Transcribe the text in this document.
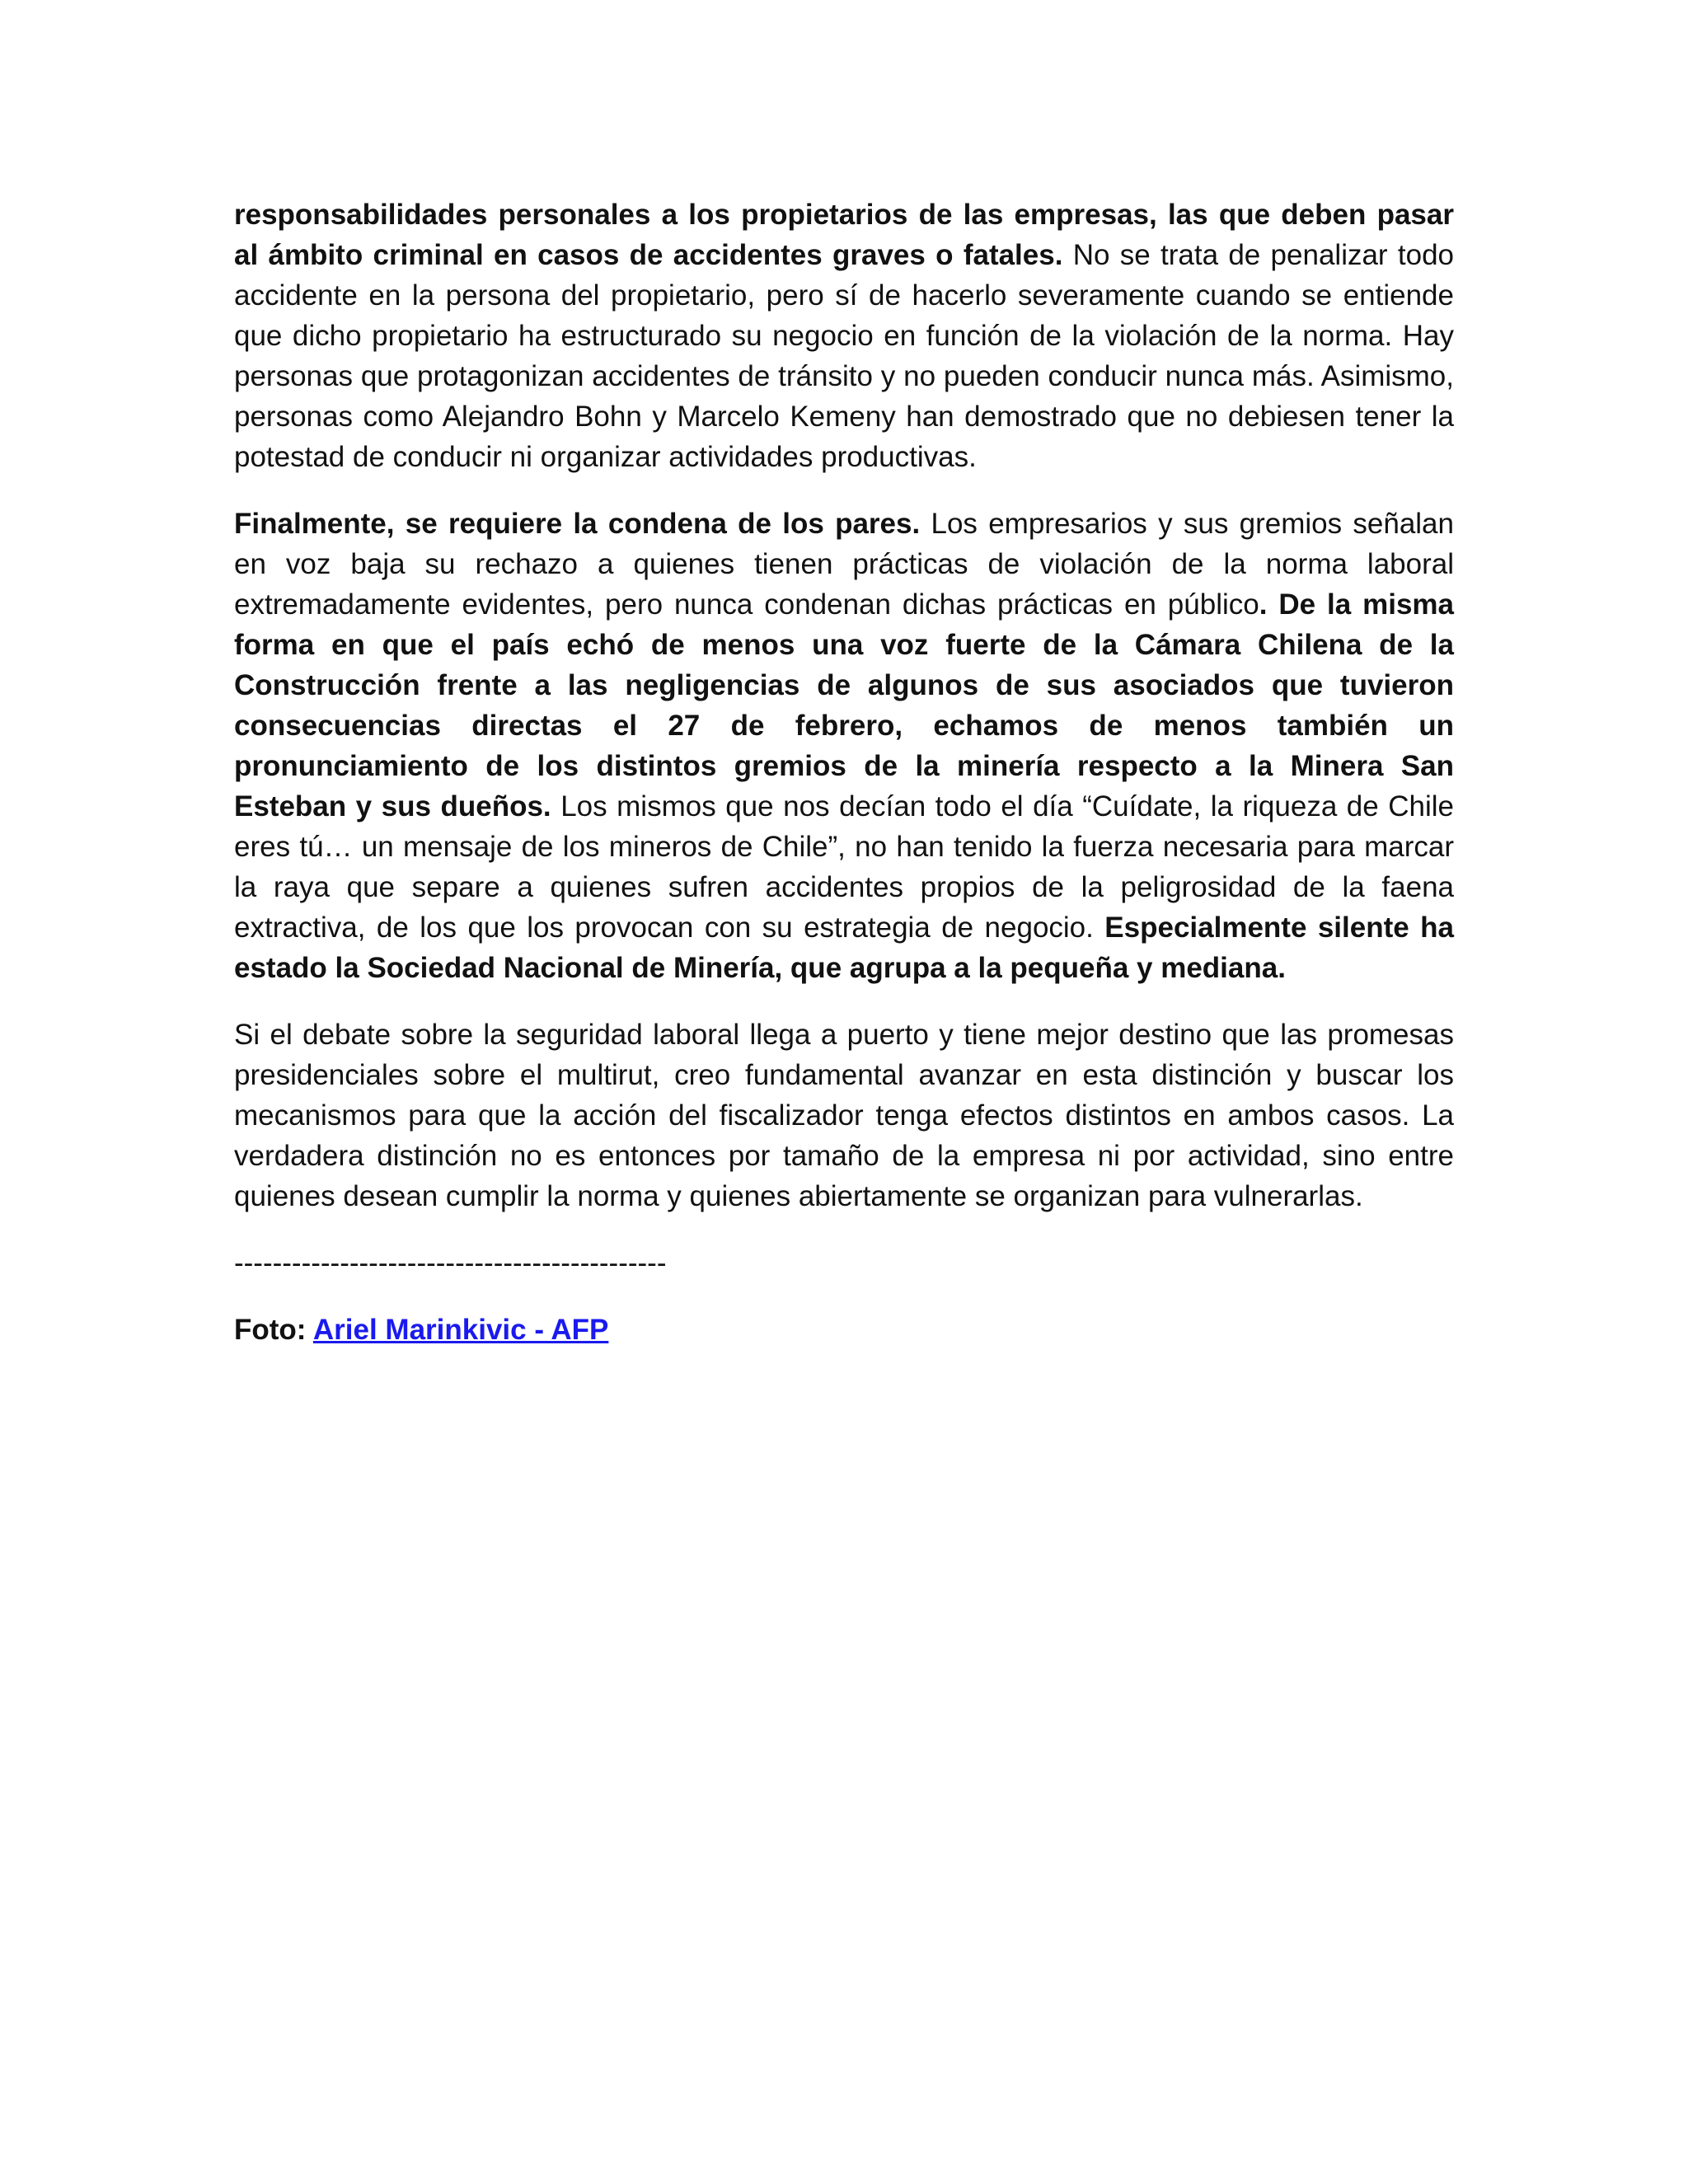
responsabilidades personales a los propietarios de las empresas, las que deben pasar al ámbito criminal en casos de accidentes graves o fatales. No se trata de penalizar todo accidente en la persona del propietario, pero sí de hacerlo severamente cuando se entiende que dicho propietario ha estructurado su negocio en función de la violación de la norma. Hay personas que protagonizan accidentes de tránsito y no pueden conducir nunca más. Asimismo, personas como Alejandro Bohn y Marcelo Kemeny han demostrado que no debiesen tener la potestad de conducir ni organizar actividades productivas.

Finalmente, se requiere la condena de los pares. Los empresarios y sus gremios señalan en voz baja su rechazo a quienes tienen prácticas de violación de la norma laboral extremadamente evidentes, pero nunca condenan dichas prácticas en público. De la misma forma en que el país echó de menos una voz fuerte de la Cámara Chilena de la Construcción frente a las negligencias de algunos de sus asociados que tuvieron consecuencias directas el 27 de febrero, echamos de menos también un pronunciamiento de los distintos gremios de la minería respecto a la Minera San Esteban y sus dueños. Los mismos que nos decían todo el día “Cuídate, la riqueza de Chile eres tú… un mensaje de los mineros de Chile”, no han tenido la fuerza necesaria para marcar la raya que separe a quienes sufren accidentes propios de la peligrosidad de la faena extractiva, de los que los provocan con su estrategia de negocio. Especialmente silente ha estado la Sociedad Nacional de Minería, que agrupa a la pequeña y mediana.

Si el debate sobre la seguridad laboral llega a puerto y tiene mejor destino que las promesas presidenciales sobre el multirut, creo fundamental avanzar en esta distinción y buscar los mecanismos para que la acción del fiscalizador tenga efectos distintos en ambos casos. La verdadera distinción no es entonces por tamaño de la empresa ni por actividad, sino entre quienes desean cumplir la norma y quienes abiertamente se organizan para vulnerarlas.

---------------------------------------------

Foto: Ariel Marinkivic - AFP
